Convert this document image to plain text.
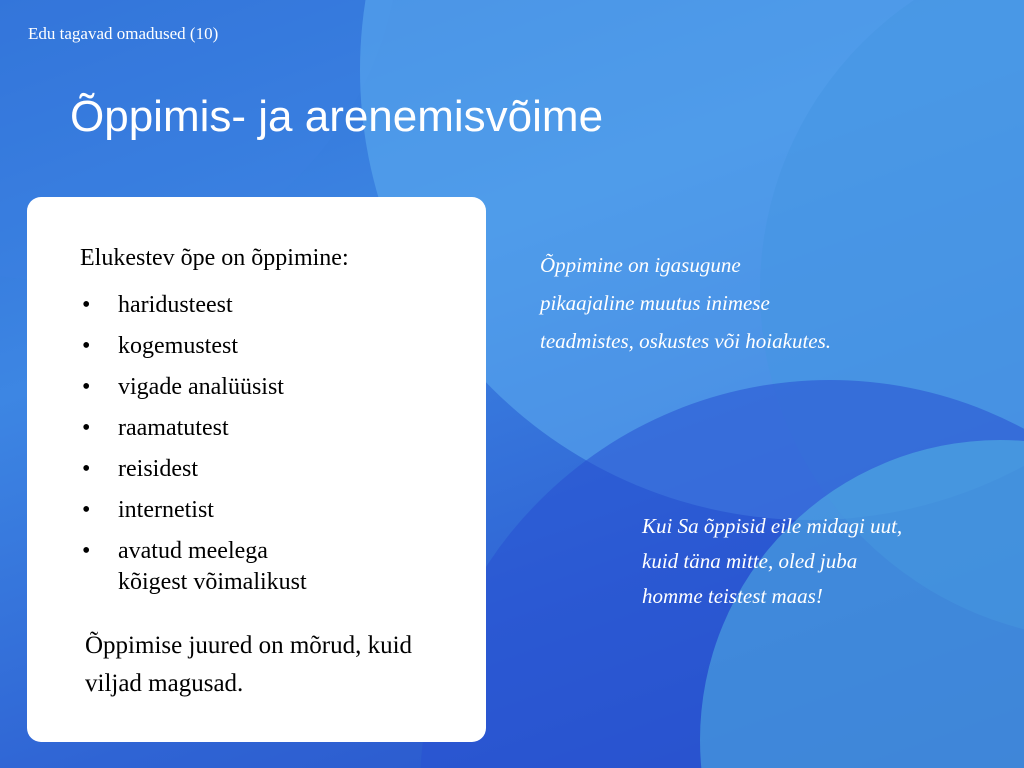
Edu tagavad omadused (10)
Õppimis- ja arenemisvõime
Elukestev õpe on õppimine:
• haridusteest
• kogemustest
• vigade analüüsist
• raamatutest
• reisidest
• internetist
• avatud meelega
kõigest võimalikust
Õppimise juured on mõrud, kuid viljad magusad.
Õppimine on igasugune pikaajaline muutus inimese teadmistes, oskustes või hoiakutes.
Kui Sa õppisid eile midagi uut, kuid täna mitte, oled juba homme teistest maas!
